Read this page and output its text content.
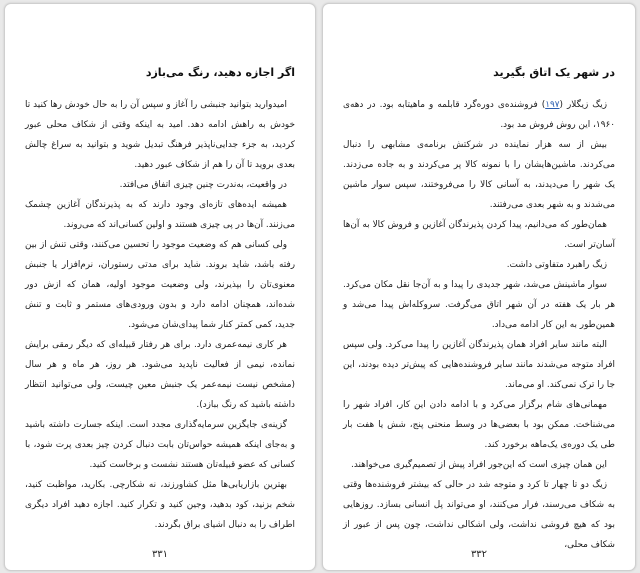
اگر اجازه دهید، رنگ می‌بازد

امیدوارید بتوانید جنبشی را آغاز و سپس آن را به حال خودش رها کنید تا خودش به راهش ادامه دهد. امید به اینکه وقتی از شکاف محلی عبور کردید، به جزء جدایی‌ناپذیر فرهنگ تبدیل شوید و بتوانید به سراغ چالش بعدی بروید تا آن را هم از شکاف عبور دهید.

در واقعیت، به‌ندرت چنین چیزی اتفاق می‌افتد.

همیشه ایده‌های تازه‌ای وجود دارند که به پذیرندگان آغازین چشمک می‌زنند. آن‌ها در پی چیزی هستند و اولین کسانی‌اند که می‌روند.

ولی کسانی هم که وضعیت موجود را تحسین می‌کنند، وقتی تنش از بین رفته باشد، شاید بروند. شاید برای مدتی رستوران، نرم‌افزار یا جنبش معنوی‌تان را بپذیرند، ولی وضعیت موجود اولیه، همان که ازش دور شده‌اند، همچنان ادامه دارد و بدون ورودی‌های مستمر و ثابت و تنش جدید، کمی کمتر کنار شما پیدای‌شان می‌شود.

هر کاری نیمه‌عمری دارد. برای هر رفتار قبیله‌ای که دیگر رمقی برایش نمانده، نیمی از فعالیت ناپدید می‌شود. هر روز، هر ماه و هر سال (مشخص نیست نیمه‌عمر یک جنبش معین چیست، ولی می‌توانید انتظار داشته باشید که رنگ ببازد).

گزینه‌ی جایگزین سرمایه‌گذاری مجدد است. اینکه جسارت داشته باشید و به‌جای اینکه همیشه حواس‌تان بابت دنبال کردن چیز بعدی پرت شود، با کسانی که عضو قبیله‌تان هستند نشست و برخاست کنید.

بهترین بازاریابی‌ها مثل کشاورزند، نه شکارچی. بکارید، مواظبت کنید، شخم بزنید، کود بدهید، وجین کنید و تکرار کنید. اجازه دهید افراد دیگری اطراف را به دنبال اشیای براق بگردند.

۳۳۱
در شهر یک اتاق بگیرید

زیگ زیگلار (۱۹۷) فروشنده‌ی دوره‌گرد قابلمه و ماهیتابه بود. در دهه‌ی ۱۹۶۰، این روش فروش مد بود.

بیش از سه هزار نماینده در شرکتش برنامه‌ی مشابهی را دنبال می‌کردند. ماشین‌هایشان را با نمونه کالا پر می‌کردند و به جاده می‌زدند. یک شهر را می‌دیدند، به آسانی کالا را می‌فروختند، سپس سوار ماشین می‌شدند و به شهر بعدی می‌رفتند.

همان‌طور که می‌دانیم، پیدا کردن پذیرندگان آغازین و فروش کالا به آن‌ها آسان‌تر است.

زیگ راهبرد متفاوتی داشت.

سوار ماشینش می‌شد، شهر جدیدی را پیدا و به آن‌جا نقل مکان می‌کرد. هر بار یک هفته در آن شهر اتاق می‌گرفت. سروکله‌اش پیدا می‌شد و همین‌طور به این کار ادامه می‌داد.

البته مانند سایر افراد همان پذیرندگان آغازین را پیدا می‌کرد. ولی سپس افراد متوجه می‌شدند مانند سایر فروشنده‌هایی که پیش‌تر دیده بودند، این جا را ترک نمی‌کند. او می‌ماند.

مهمانی‌های شام برگزار می‌کرد و با ادامه دادن این کار، افراد شهر را می‌شناخت. ممکن بود با بعضی‌ها در وسط منحنی پنج، شش یا هفت بار طی یک دوره‌ی یک‌ماهه برخورد کند.

این همان چیزی است که این‌جور افراد پیش از تصمیم‌گیری می‌خواهند.

زیگ دو تا چهار تا کرد و متوجه شد در حالی که بیشتر فروشنده‌ها وقتی به شکاف می‌رسند، فرار می‌کنند، او می‌تواند پل انسانی بسازد. روزهایی بود که هیچ فروشی نداشت، ولی اشکالی نداشت، چون پس از عبور از شکاف محلی،

۳۳۲
